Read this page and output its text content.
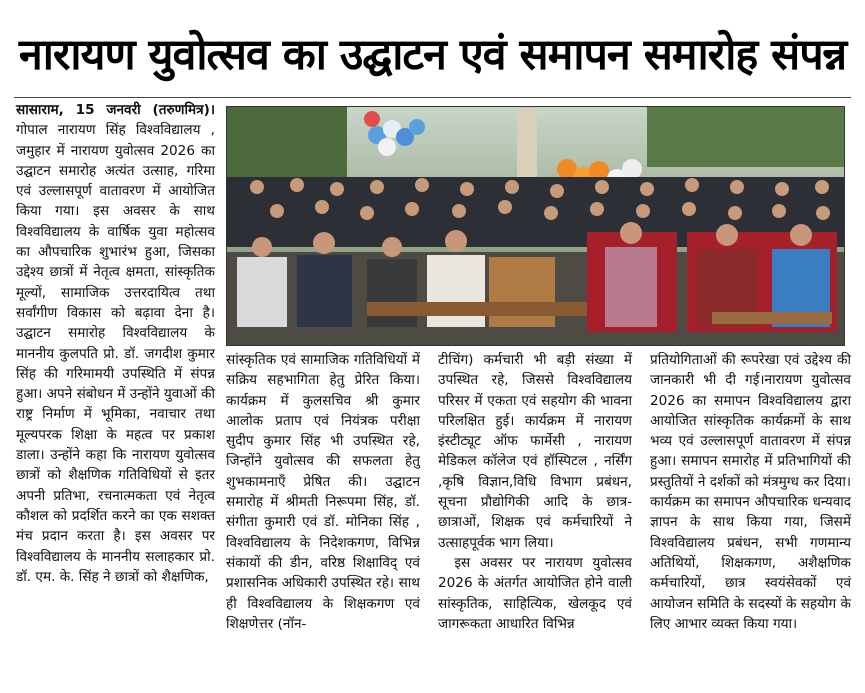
नारायण युवोत्सव का उद्घाटन एवं समापन समारोह संपन्न

सासाराम, 15 जनवरी (तरुणमित्र)। गोपाल नारायण सिंह विश्वविद्यालय , जमुहार में नारायण युवोत्सव 2026 का उद्घाटन समारोह अत्यंत उत्साह, गरिमा एवं उल्लासपूर्ण वातावरण में आयोजित किया गया। इस अवसर के साथ विश्वविद्यालय के वार्षिक युवा महोत्सव का औपचारिक शुभारंभ हुआ, जिसका उद्देश्य छात्रों में नेतृत्व क्षमता, सांस्कृतिक मूल्यों, सामाजिक उत्तरदायित्व तथा सर्वांगीण विकास को बढ़ावा देना है। उद्घाटन समारोह विश्वविद्यालय के माननीय कुलपति प्रो. डॉ. जगदीश कुमार सिंह की गरिमामयी उपस्थिति में संपन्न हुआ। अपने संबोधन में उन्होंने युवाओं की राष्ट्र निर्माण में भूमिका, नवाचार तथा मूल्यपरक शिक्षा के महत्व पर प्रकाश डाला। उन्होंने कहा कि नारायण युवोत्सव छात्रों को शैक्षणिक गतिविधियों से इतर अपनी प्रतिभा, रचनात्मकता एवं नेतृत्व कौशल को प्रदर्शित करने का एक सशक्त मंच प्रदान करता है। इस अवसर पर विश्वविद्यालय के माननीय सलाहकार प्रो. डॉ. एम. के. सिंह ने छात्रों को शैक्षणिक,

सांस्कृतिक एवं सामाजिक गतिविधियों में सक्रिय सहभागिता हेतु प्रेरित किया। कार्यक्रम में कुलसचिव श्री कुमार आलोक प्रताप एवं नियंत्रक परीक्षा सुदीप कुमार सिंह भी उपस्थित रहे, जिन्होंने युवोत्सव की सफलता हेतु शुभकामनाएँ प्रेषित की। उद्घाटन समारोह में श्रीमती निरूपमा सिंह, डॉ. संगीता कुमारी एवं डॉ. मोनिका सिंह , विश्वविद्यालय के निदेशकगण, विभिन्न संकायों की डीन, वरिष्ठ शिक्षाविद् एवं प्रशासनिक अधिकारी उपस्थित रहे। साथ ही विश्वविद्यालय के शिक्षकगण एवं शिक्षणेत्तर (नॉन-

टीचिंग) कर्मचारी भी बड़ी संख्या में उपस्थित रहे, जिससे विश्वविद्यालय परिसर में एकता एवं सहयोग की भावना परिलक्षित हुई। कार्यक्रम में नारायण इंस्टीट्यूट ऑफ फार्मेसी , नारायण मेडिकल कॉलेज एवं हॉस्पिटल , नर्सिंग ,कृषि विज्ञान,विधि विभाग प्रबंधन, सूचना प्रौद्योगिकी आदि के छात्र-छात्राओं, शिक्षक एवं कर्मचारियों ने उत्साहपूर्वक भाग लिया।

इस अवसर पर नारायण युवोत्सव 2026 के अंतर्गत आयोजित होने वाली सांस्कृतिक, साहित्यिक, खेलकूद एवं जागरूकता आधारित विभिन्न

प्रतियोगिताओं की रूपरेखा एवं उद्देश्य की जानकारी भी दी गई।नारायण युवोत्सव 2026 का समापन विश्वविद्यालय द्वारा आयोजित सांस्कृतिक कार्यक्रमों के साथ भव्य एवं उल्लासपूर्ण वातावरण में संपन्न हुआ। समापन समारोह में प्रतिभागियों की प्रस्तुतियों ने दर्शकों को मंत्रमुग्ध कर दिया। कार्यक्रम का समापन औपचारिक धन्यवाद ज्ञापन के साथ किया गया, जिसमें विश्वविद्यालय प्रबंधन, सभी गणमान्य अतिथियों, शिक्षकगण, अशैक्षणिक कर्मचारियों, छात्र स्वयंसेवकों एवं आयोजन समिति के सदस्यों के सहयोग के लिए आभार व्यक्त किया गया।
